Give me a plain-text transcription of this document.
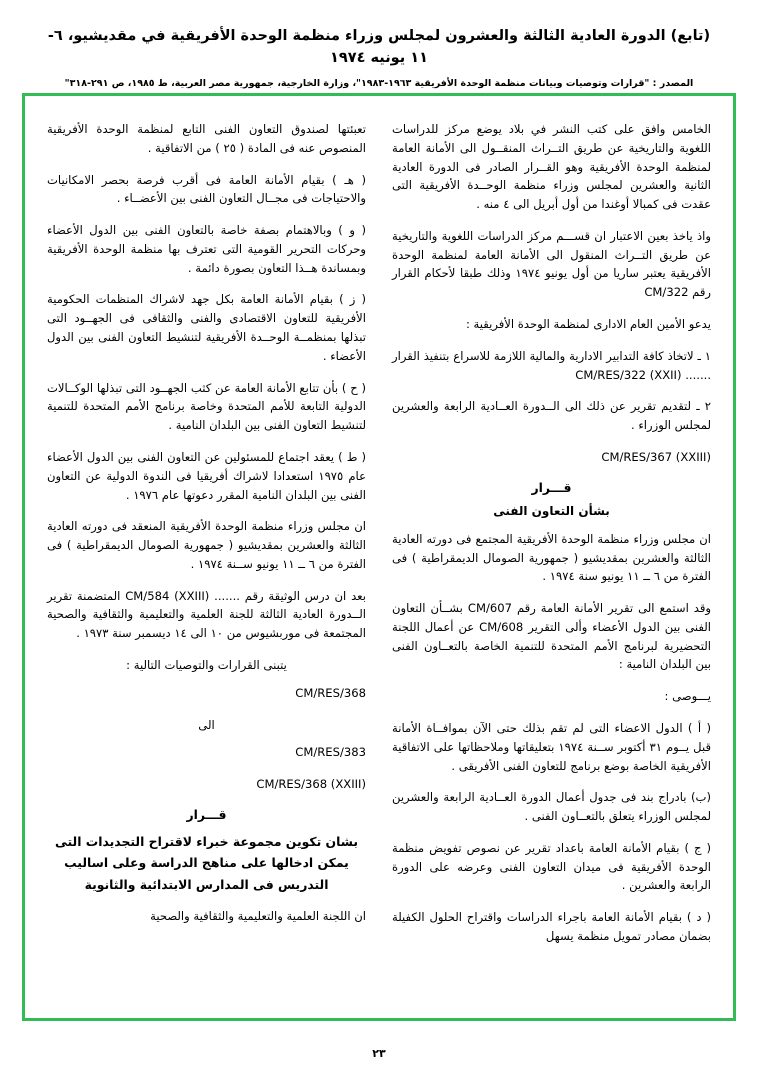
(تابع) الدورة العادية الثالثة والعشرون لمجلس وزراء منظمة الوحدة الأفريقية في مقديشيو، ٦- ١١ يونيه ١٩٧٤
المصدر : "قرارات وتوصيات وبيانات منظمة الوحدة الأفريقية ١٩٦٣-١٩٨٣"، وزارة الخارجية، جمهورية مصر العربية، ط ١٩٨٥، ص ٢٩١-٣١٨"

الخامس وافق على كتب النشر في بلاد يوضع مركز للدراسات اللغوية والتاريخية عن طريق التــراث المنقــول الى الأمانة العامة لمنظمة الوحدة الأفريقية وهو القــرار الصادر فى الدورة العادية الثانية والعشرين لمجلس وزراء منظمة الوحــدة الأفريقية التى عقدت فى كمبالا أوغندا من أول أبريل الى ٤ منه .

واذ ياخذ بعين الاعتبار ان قســـم مركز الدراسات اللغوية والتاريخية عن طريق التــراث المنقول الى الأمانة العامة لمنظمة الوحدة الأفريقية يعتبر ساريا من أول يونيو ١٩٧٤ وذلك طبقا لأحكام القرار رقم CM/322

يدعو الأمين العام الادارى لمنظمة الوحدة الأفريقية :

١ ـ لاتخاذ كافة التدابير الادارية والمالية اللازمة للاسراع بتنفيذ القرار ....... CM/RES/322 (XXII)

٢ ـ لتقديم تقرير عن ذلك الى الــدورة العــادية الرابعة والعشرين لمجلس الوزراء .

CM/RES/367 (XXIII)

قـــرار
بشأن التعاون الفنى

ان مجلس وزراء منظمة الوحدة الأفريقية المجتمع فى دورته العادية الثالثة والعشرين بمقديشيو ( جمهورية الصومال الديمقراطية ) فى الفترة من ٦ ــ ١١ يونيو سنة ١٩٧٤ .

وقد استمع الى تقرير الأمانة العامة رقم CM/607 بشــأن التعاون الفنى بين الدول الأعضاء وألى التقرير CM/608 عن أعمال اللجنة التحضيرية لبرنامج الأمم المتحدة للتنمية الخاصة بالتعــاون الفنى بين البلدان النامية :

يـــوصى :

( أ ) الدول الاعضاء التى لم تقم بذلك حتى الآن بموافــاة الأمانة قبل يــوم ٣١ أكتوبر ســنة ١٩٧٤ بتعليقاتها وملاحظاتها على الاتفاقية الأفريقية الخاصة بوضع برنامج للتعاون الفنى الأفريقى .

(ب) بادراج بند فى جدول أعمال الدورة العــادية الرابعة والعشرين لمجلس الوزراء يتعلق بالتعــاون الفنى .

( ج ) بقيام الأمانة العامة باعداد تقرير عن نصوص تفويض منظمة الوحدة الأفريقية فى ميدان التعاون الفنى وعرضه على الدورة الرابعة والعشرين .

( د ) بقيام الأمانة العامة باجراء الدراسات واقتراح الحلول الكفيلة بضمان مصادر تمويل منظمة يسهل

تعبئتها لصندوق التعاون الفنى التابع لمنظمة الوحدة الأفريقية المنصوص عنه فى المادة ( ٢٥ ) من الاتفاقية .

( هـ ) بقيام الأمانة العامة فى أقرب فرصة بحصر الامكانيات والاحتياجات فى مجــال التعاون الفنى بين الأعضــاء .

( و ) وبالاهتمام بصفة خاصة بالتعاون الفنى بين الدول الأعضاء وحركات التحرير القومية التى تعترف بها منظمة الوحدة الأفريقية وبمساندة هــذا التعاون بصورة دائمة .

( ز ) بقيام الأمانة العامة بكل جهد لاشراك المنظمات الحكومية الأفريقية للتعاون الاقتصادى والفنى والثقافى فى الجهــود التى تبذلها بمنظمــة الوحــدة الأفريقية لتنشيط التعاون الفنى بين الدول الأعضاء .

( ح ) بأن تتابع الأمانة العامة عن كثب الجهــود التى تبذلها الوكــالات الدولية التابعة للأمم المتحدة وخاصة برنامج الأمم المتحدة للتنمية لتنشيط التعاون الفنى بين البلدان النامية .

( ط ) يعقد اجتماع للمسئولين عن التعاون الفنى بين الدول الأعضاء عام ١٩٧٥ استعدادا لاشراك أفريقيا فى الندوة الدولية عن التعاون الفنى بين البلدان النامية المقرر دعوتها عام ١٩٧٦ .

ان مجلس وزراء منظمة الوحدة الأفريقية المنعقد فى دورته العادية الثالثة والعشرين بمقديشيو ( جمهورية الصومال الديمقراطية ) فى الفترة من ٦ ــ ١١ يونيو ســنة ١٩٧٤ .

بعد ان درس الوثيقة رقم ....... CM/584 (XXIII) المتضمنة تقرير الــدورة العادية الثالثة للجنة العلمية والتعليمية والثقافية والصحية المجتمعة فى موربشيوس من ١٠ الى ١٤ ديسمبر سنة ١٩٧٣ .

يتبنى القرارات والتوصيات التالية :

CM/RES/368

الى

CM/RES/383

CM/RES/368 (XXIII)

قـــرار
بشان تكوين مجموعة خبراء لاقتراح التجديدات التى يمكن ادخالها على مناهج الدراسة وعلى اساليب التدريس فى المدارس الابتدائية والثانوية

ان اللجنة العلمية والتعليمية والثقافية والصحية

٢٣
